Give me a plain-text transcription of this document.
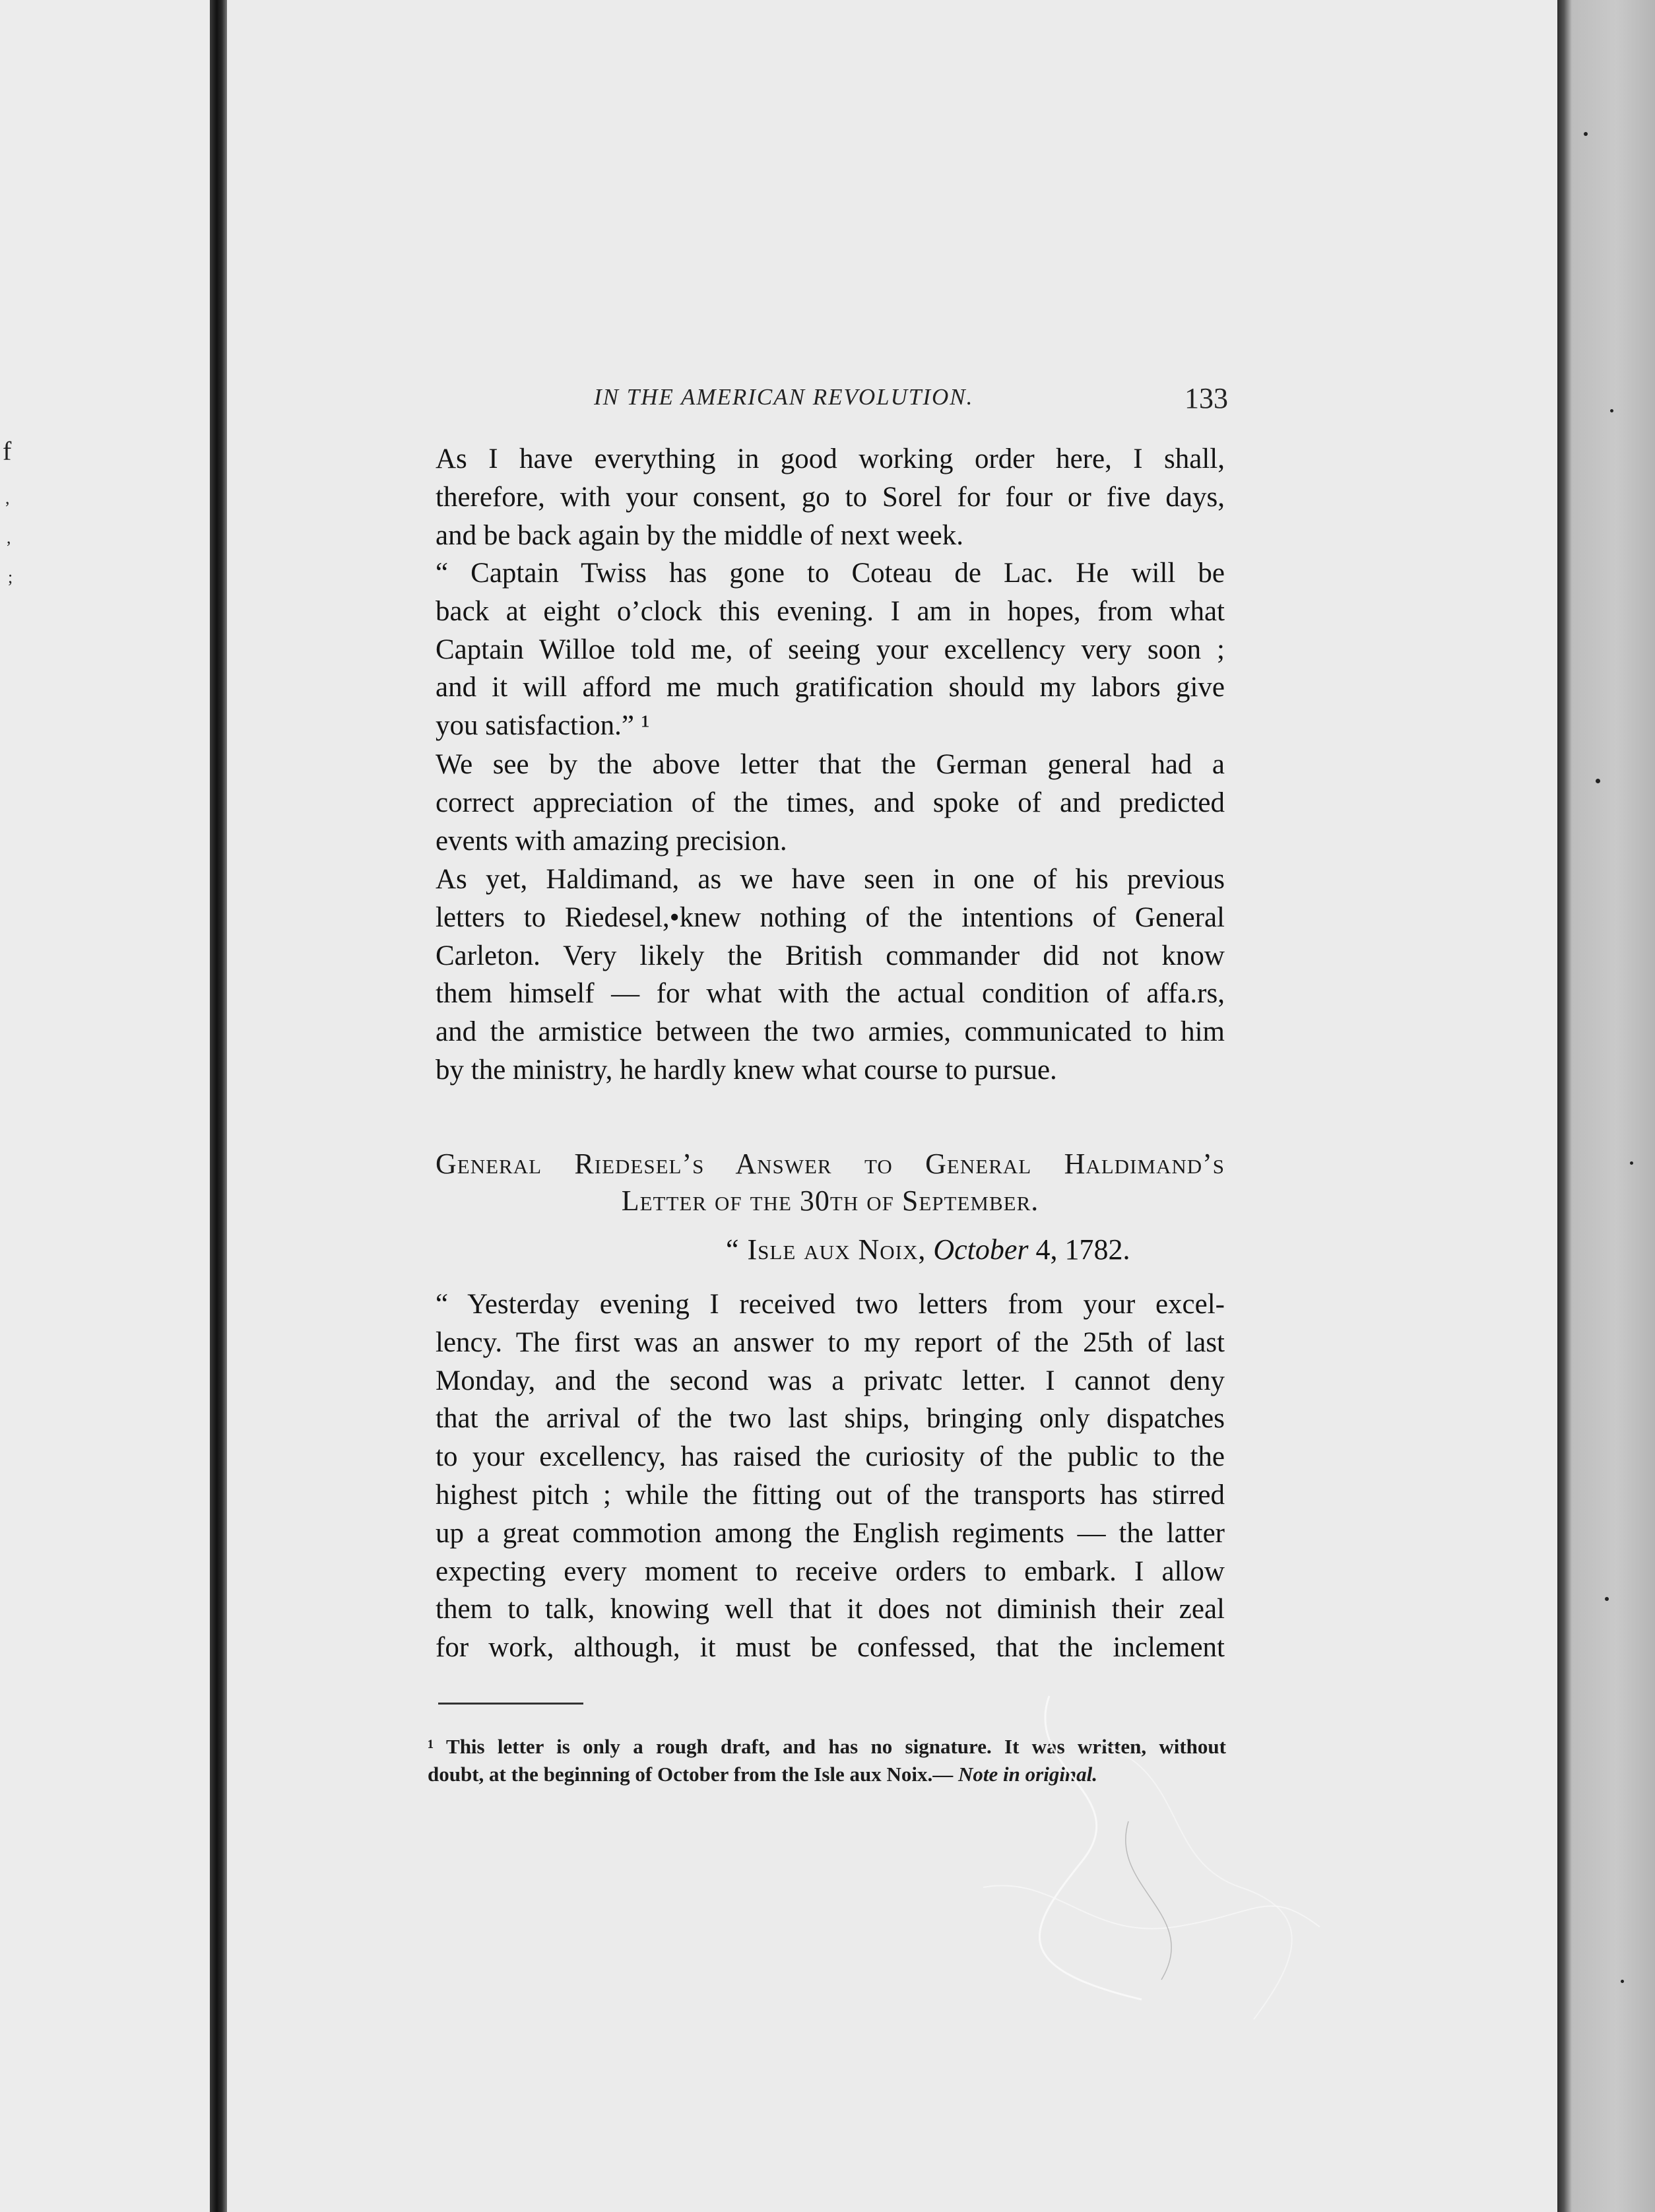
f
,
,
;
IN THE AMERICAN REVOLUTION.	133
As I have everything in good working order here, I shall,
therefore, with your consent, go to Sorel for four or five days,
and be back again by the middle of next week.
“ Captain Twiss has gone to Coteau de Lac. He will be
back at eight o’clock this evening. I am in hopes, from what
Captain Willoe told me, of seeing your excellency very soon ;
and it will afford me much gratification should my labors give
you satisfaction.” ¹
We see by the above letter that the German general had a
correct appreciation of the times, and spoke of and predicted
events with amazing precision.
As yet, Haldimand, as we have seen in one of his previous
letters to Riedesel,•knew nothing of the intentions of General
Carleton. Very likely the British commander did not know
them himself — for what with the actual condition of affa.rs,
and the armistice between the two armies, communicated to him
by the ministry, he hardly knew what course to pursue.
General Riedesel’s Answer to General Haldimand’s
Letter of the 30th of September.
“ Isle aux Noix, October 4, 1782.
“ Yesterday evening I received two letters from your excel-
lency. The first was an answer to my report of the 25th of last
Monday, and the second was a privatc letter. I cannot deny
that the arrival of the two last ships, bringing only dispatches
to your excellency, has raised the curiosity of the public to the
highest pitch ; while the fitting out of the transports has stirred
up a great commotion among the English regiments — the latter
expecting every moment to receive orders to embark. I allow
them to talk, knowing well that it does not diminish their zeal
for work, although, it must be confessed, that the inclement
¹ This letter is only a rough draft, and has no signature. It was written, without
doubt, at the beginning of October from the Isle aux Noix.— Note in original.
